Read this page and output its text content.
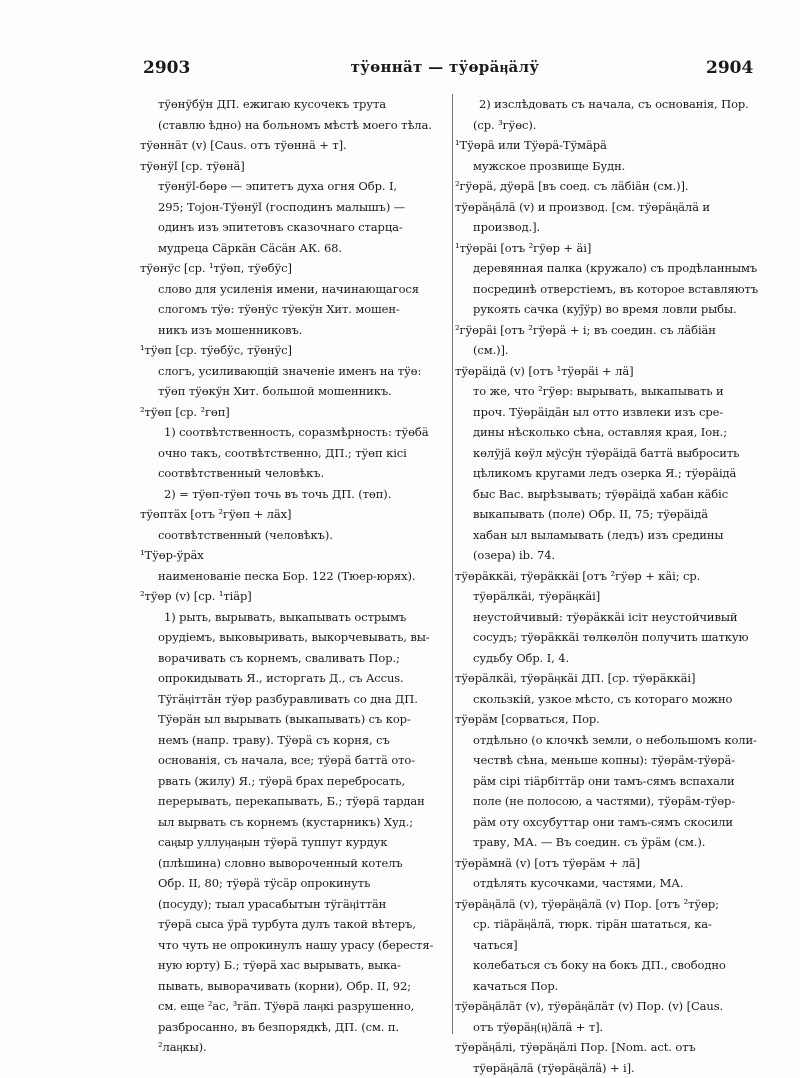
2903	тӱөннӓт — тӱөрӓӊӓлӱ	2904
тӱөнӱбӱн ДП. ежигаю кусочекъ трута
(ставлю ѣдно) на больномъ мѣстѣ моего тѣла.
тӱөннӓт (v) [Caus. отъ тӱөннӓ + т].
тӱөнӱӏ [ср. тӱөнӓ]
тӱөнӱӏ-бөрө — эпитетъ духа огня Обр. I,
295; Тојон-Тӱөнӱӏ (господинъ малышъ) —
одинъ изъ эпитетовъ сказочнаго старца-
мудреца Сӓркӓн Сӓсӓн АК. 68.
тӱөнӱс [ср. ¹тӱөп, тӱөбӱс]
слово для усиленія имени, начинающагося
слогомъ тӱө: тӱөнӱс тӱөкӱн Хит. мошен-
никъ изъ мошенниковъ.
¹тӱөп [ср. тӱөбӱс, тӱөнӱс]
слогъ, усиливающій значеніе именъ на тӱө:
тӱөп тӱөкӱн Хит. большой мошенникъ.
²тӱөп [ср. ²гөп]
1) соотвѣтственность, соразмѣрность: тӱөбӓ
очно такъ, соотвѣтственно, ДП.; тӱөп кісі
соотвѣтственный человѣкъ.
2) = тӱөп-тӱөп точь въ точь ДП. (төп).
тӱөптӓх [отъ ²гӱөп + лӓх]
соотвѣтственный (человѣкъ).
¹Тӱөр-ӱрӓх
наименованіе песка Бор. 122 (Тюер-юрях).
²тӱөр (v) [ср. ¹тіӓр]
1) рыть, вырывать, выкапывать острымъ
орудіемъ, выковыривать, выкорчевывать, вы-
ворачивать съ корнемъ, сваливать Пор.;
опрокидывать Я., исторгать Д., съ Accus.
Тӱгӓӊіттӓн тӱөр разбуравливать со дна ДП.
Тӱөрӓн ыл вырывать (выкапывать) съ кор-
немъ (напр. траву). Тӱөрӓ съ корня, съ
основанія, съ начала, все; тӱөрӓ баттӓ ото-
рвать (жилу) Я.; тӱөрӓ брах перебросать,
перерывать, перекапывать, Б.; тӱөрӓ тардан
ыл вырвать съ корнемъ (кустарникъ) Худ.;
саӊыр уллуӊаӊын тӱөрӓ туппут курдук
(плѣшина) словно вывороченный котелъ
Обр. II, 80; тӱөрӓ тӱсӓр опрокинуть
(посуду); тыал урасабытын тӱгӓӊіттӓн
тӱөрӓ сыса ӱрӓ турбута дулъ такой вѣтеръ,
что чуть не опрокинулъ нашу урасу (берестя-
ную юрту) Б.; тӱөрӓ хас вырывать, выка-
пывать, выворачивать (корни), Обр. II, 92;
см. еще ²ас, ³гӓп. Тӱөрӓ лаӊкі разрушенно,
разбросанно, въ безпорядкѣ, ДП. (см. п.
²лаӊкы).
2) изслѣдовать съ начала, съ основанія, Пор.
(ср. ³гӱөс).
¹Тӱөрӓ или Тӱөрӓ-Тӱмӓрӓ
мужское прозвище Будн.
²гӱөрӓ, дӱөрӓ [въ соед. съ лӓбіӓн (см.)].
тӱөрӓӊӓлӓ (v) и производ. [см. тӱөрӓӊӓлӓ и
производ.].
¹тӱөрӓі [отъ ²гӱөр + ӓі]
деревянная палка (кружало) съ продѣланнымъ
посрединѣ отверстіемъ, въ которое вставляютъ
рукоять сачка (куј̄ӱр) во время ловли рыбы.
²гӱөрӓі [отъ ²гӱөрӓ + і; въ соедин. съ лӓбіӓн
(см.)].
тӱөрӓідӓ (v) [отъ ¹тӱөрӓі + лӓ]
то же, что ²гӱөр: вырывать, выкапывать и
проч. Тӱөрӓідӓн ыл отто извлеки изъ сре-
дины нѣсколько сѣна, оставляя края, Іон.;
көлӱјӓ көӱл мӱсӱн тӱөрӓідӓ баттӓ выбросить
цѣликомъ кругами ледъ озерка Я.; тӱөрӓідӓ
быс Вас. вырѣзывать; тӱөрӓідӓ хабан кӓбіс
выкапывать (поле) Обр. II, 75; тӱөрӓідӓ
хабан ыл выламывать (ледъ) изъ средины
(озера) ib. 74.
тӱөрӓккӓі, тӱөрӓккӓі [отъ ²гӱөр + кӓі; ср.
тӱөрӓлкӓі, тӱөрӓӊкӓі]
неустойчивый: тӱөрӓккӓі ісіт неустойчивый
сосудъ; тӱөрӓккӓі төлкөлӧн получить шаткую
судьбу Обр. I, 4.
тӱөрӓлкӓі, тӱөрӓӊкӓі ДП. [ср. тӱөрӓккӓі]
скользкій, узкое мѣсто, съ котораго можно
тӱөрӓм [сорваться, Пор.
отдѣльно (о клочкѣ земли, о небольшомъ коли-
чествѣ сѣна, меньше копны): тӱөрӓм-тӱөрӓ-
рӓм сірі тіӓрбіттӓр они тамъ-сямъ вспахали
поле (не полосою, а частями), тӱөрӓм-тӱөр-
рӓм оту охсубуттар они тамъ-сямъ скосили
траву, МА. — Въ соедин. съ ӱрӓм (см.).
тӱөрӓмнӓ (v) [отъ тӱөрӓм + лӓ]
отдѣлять кусочками, частями, МА.
тӱөрӓӊӓлӓ (v), тӱөрӓӊӓлӓ (v) Пор. [отъ ²тӱөр;
ср. тіӓрӓӊӓлӓ, тюрк. тірӓн шататься, ка-
чаться]
колебаться съ боку на бокъ ДП., свободно
качаться Пор.
тӱөрӓӊӓлӓт (v), тӱөрӓӊӓлӓт (v) Пор. (v) [Caus.
отъ тӱөрӓӊ(ӊ)ӓлӓ + т].
тӱөрӓӊӓлі, тӱөрӓӊӓлі Пор. [Nom. act. отъ
тӱөрӓӊӓлӓ (тӱөрӓӊӓлӓ) + і].
